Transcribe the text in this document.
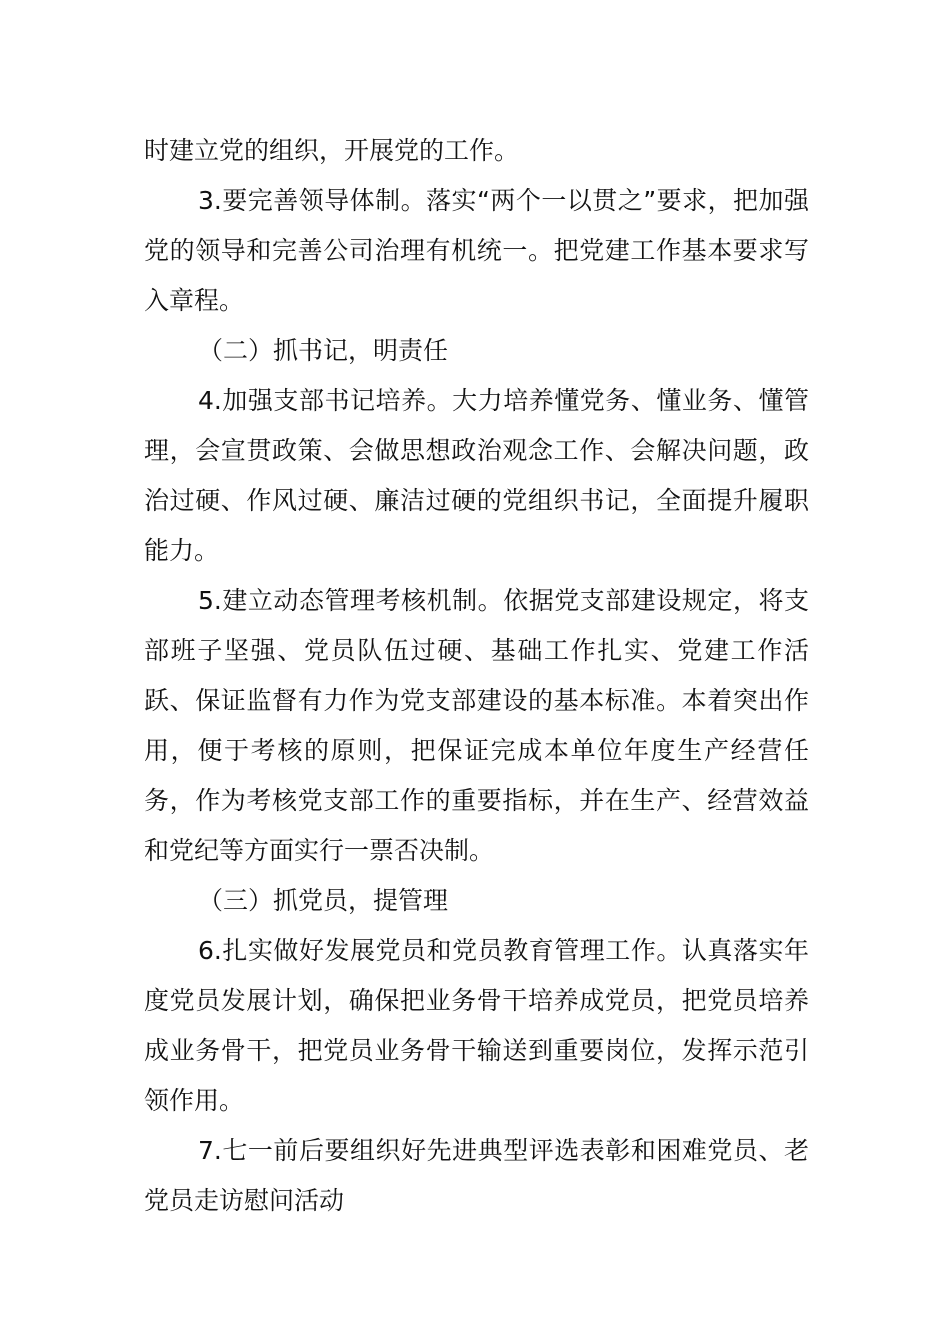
时建立党的组织，开展党的工作。

3.要完善领导体制。落实“两个一以贯之”要求，把加强党的领导和完善公司治理有机统一。把党建工作基本要求写入章程。

（二）抓书记，明责任

4.加强支部书记培养。大力培养懂党务、懂业务、懂管理，会宣贯政策、会做思想政治观念工作、会解决问题，政治过硬、作风过硬、廉洁过硬的党组织书记，全面提升履职能力。

5.建立动态管理考核机制。依据党支部建设规定，将支部班子坚强、党员队伍过硬、基础工作扎实、党建工作活跃、保证监督有力作为党支部建设的基本标准。本着突出作用，便于考核的原则，把保证完成本单位年度生产经营任务，作为考核党支部工作的重要指标，并在生产、经营效益和党纪等方面实行一票否决制。

（三）抓党员，提管理

6.扎实做好发展党员和党员教育管理工作。认真落实年度党员发展计划，确保把业务骨干培养成党员，把党员培养成业务骨干，把党员业务骨干输送到重要岗位，发挥示范引领作用。

7.七一前后要组织好先进典型评选表彰和困难党员、老党员走访慰问活动
